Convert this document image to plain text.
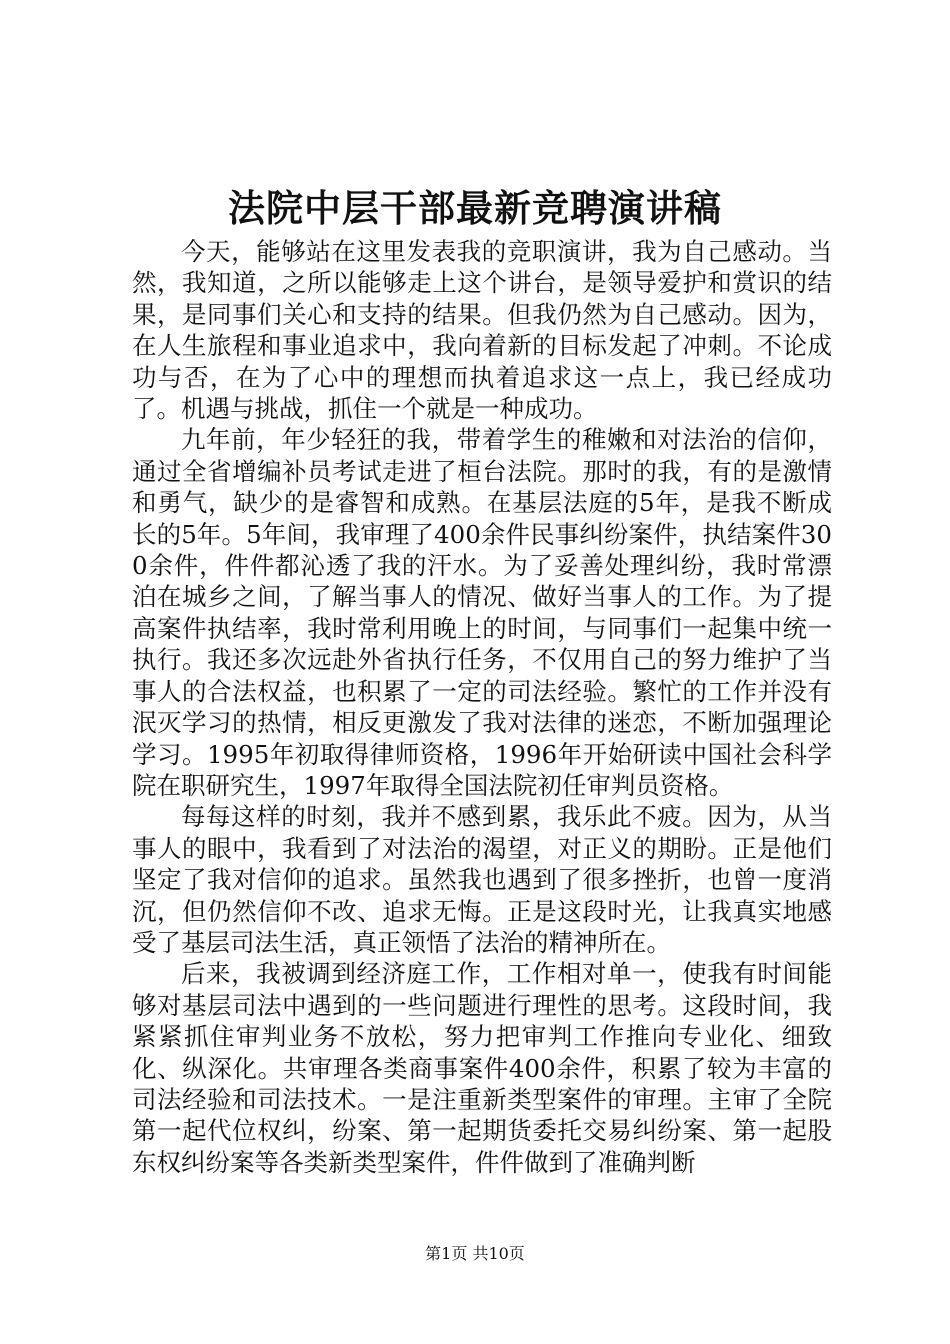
法院中层干部最新竞聘演讲稿

今天，能够站在这里发表我的竞职演讲，我为自己感动。当然，我知道，之所以能够走上这个讲台，是领导爱护和赏识的结果，是同事们关心和支持的结果。但我仍然为自己感动。因为，在人生旅程和事业追求中，我向着新的目标发起了冲刺。不论成功与否，在为了心中的理想而执着追求这一点上，我已经成功了。机遇与挑战，抓住一个就是一种成功。

九年前，年少轻狂的我，带着学生的稚嫩和对法治的信仰，通过全省增编补员考试走进了桓台法院。那时的我，有的是激情和勇气，缺少的是睿智和成熟。在基层法庭的5年，是我不断成长的5年。5年间，我审理了400余件民事纠纷案件，执结案件300余件，件件都沁透了我的汗水。为了妥善处理纠纷，我时常漂泊在城乡之间，了解当事人的情况、做好当事人的工作。为了提高案件执结率，我时常利用晚上的时间，与同事们一起集中统一执行。我还多次远赴外省执行任务，不仅用自己的努力维护了当事人的合法权益，也积累了一定的司法经验。繁忙的工作并没有泯灭学习的热情，相反更激发了我对法律的迷恋，不断加强理论学习。1995年初取得律师资格，1996年开始研读中国社会科学院在职研究生，1997年取得全国法院初任审判员资格。

每每这样的时刻，我并不感到累，我乐此不疲。因为，从当事人的眼中，我看到了对法治的渴望，对正义的期盼。正是他们坚定了我对信仰的追求。虽然我也遇到了很多挫折，也曾一度消沉，但仍然信仰不改、追求无悔。正是这段时光，让我真实地感受了基层司法生活，真正领悟了法治的精神所在。

后来，我被调到经济庭工作，工作相对单一，使我有时间能够对基层司法中遇到的一些问题进行理性的思考。这段时间，我紧紧抓住审判业务不放松，努力把审判工作推向专业化、细致化、纵深化。共审理各类商事案件400余件，积累了较为丰富的司法经验和司法技术。一是注重新类型案件的审理。主审了全院第一起代位权纠，纷案、第一起期货委托交易纠纷案、第一起股东权纠纷案等各类新类型案件，件件做到了准确判断

第1页 共10页
